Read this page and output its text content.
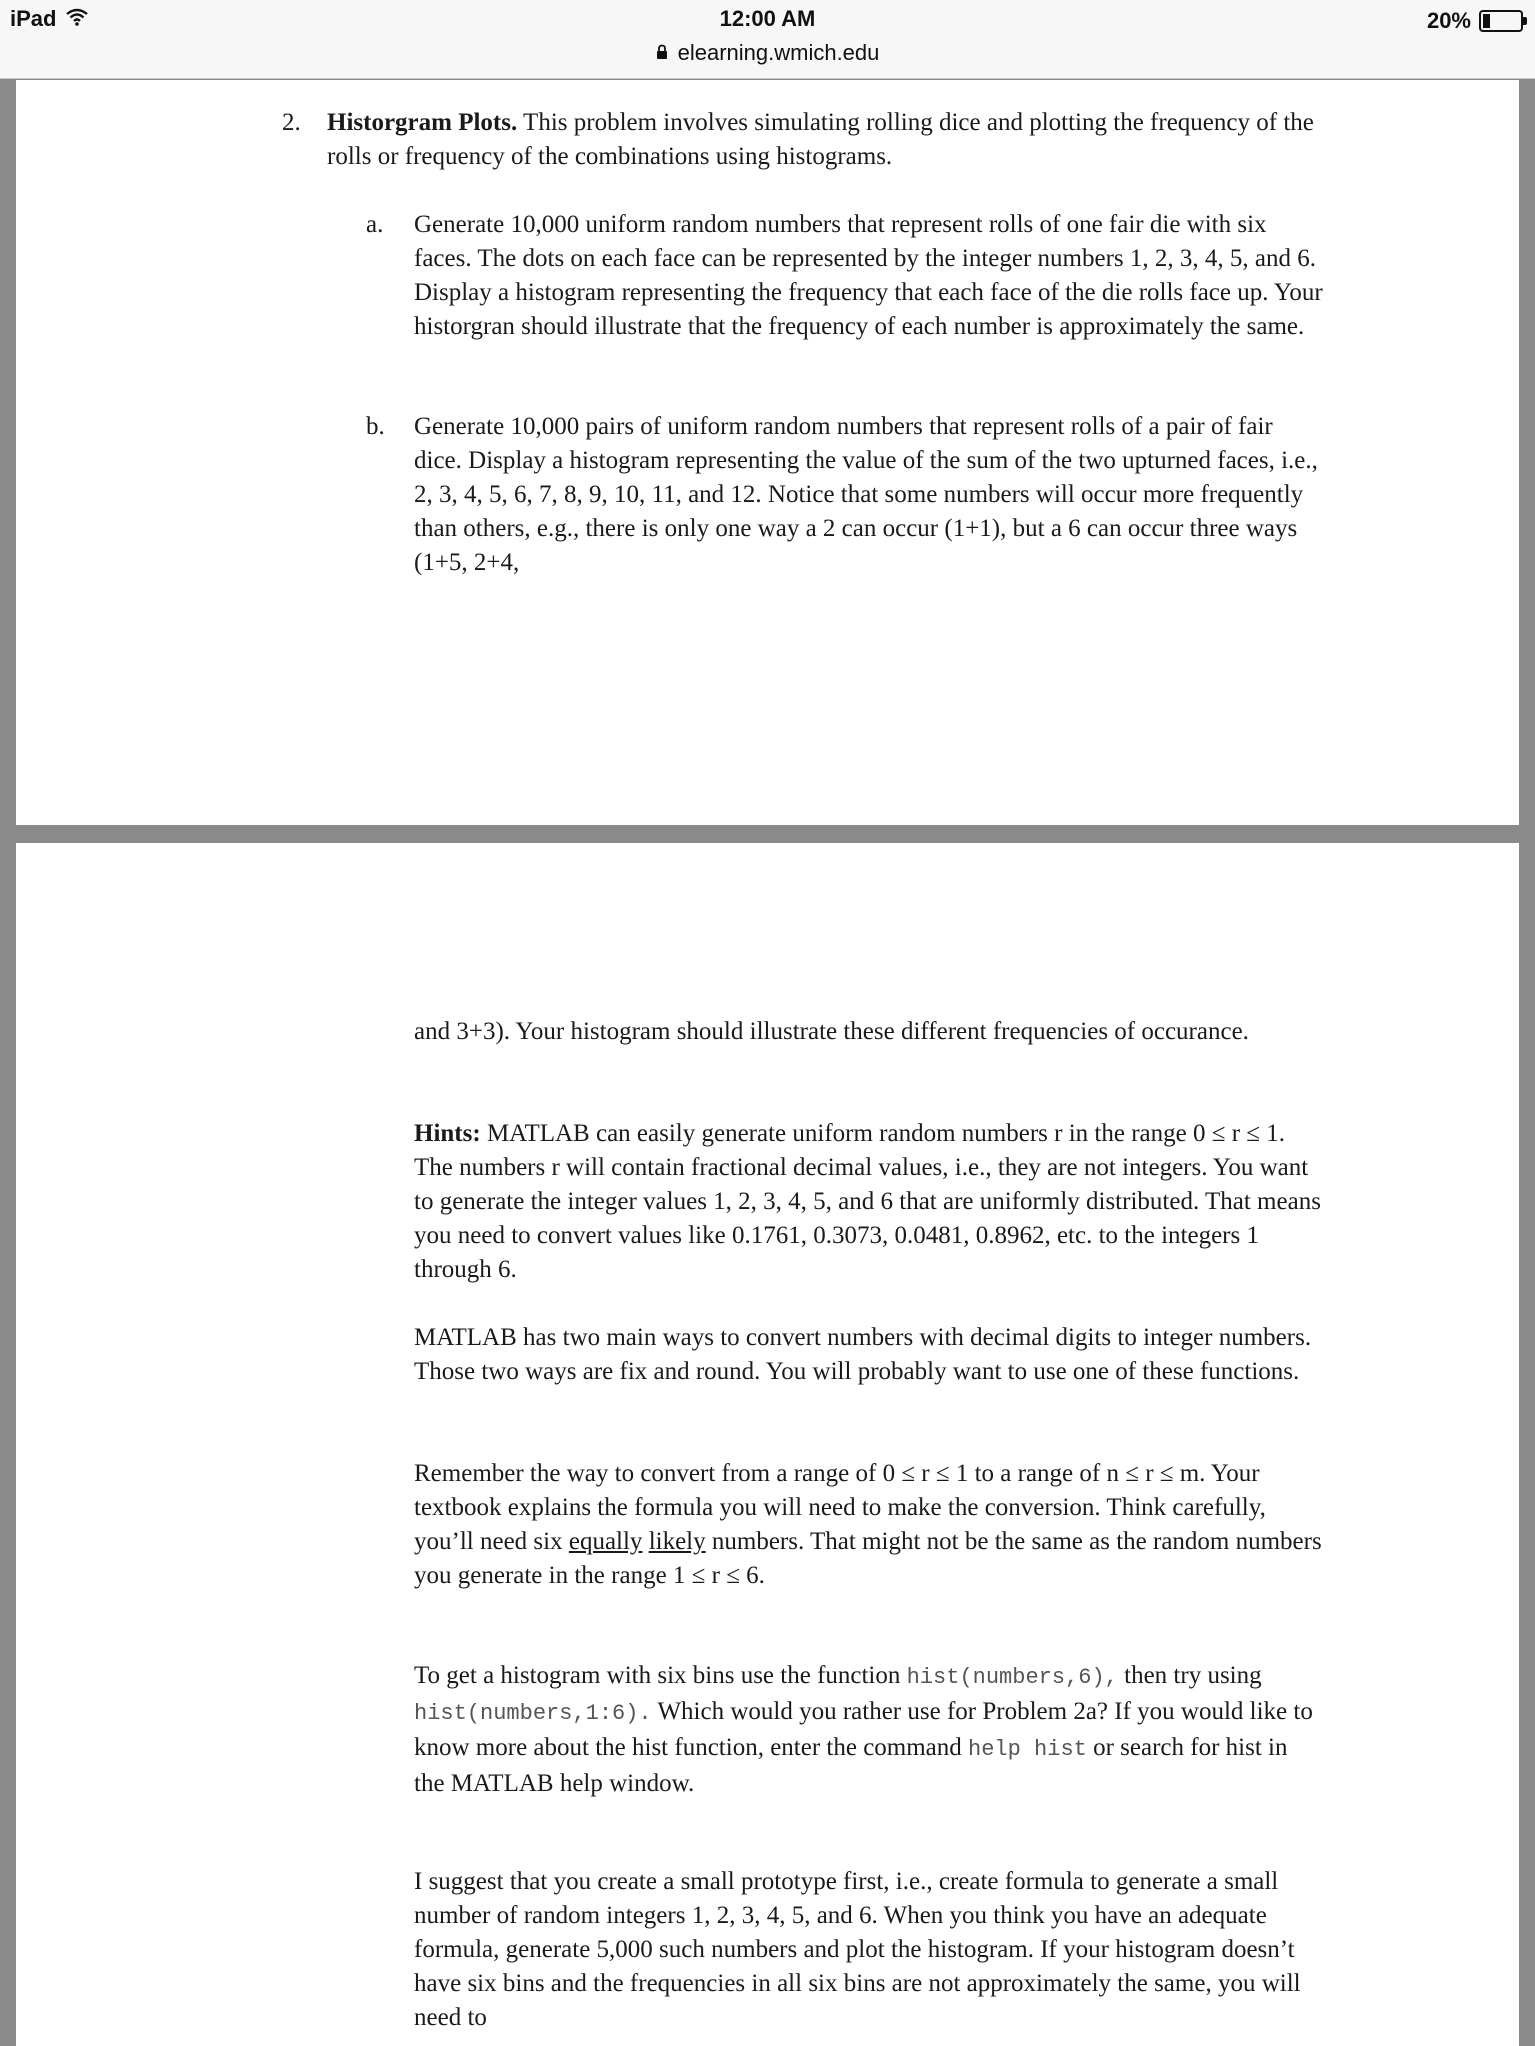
iPad	12:00 AM
elearning.wmich.edu
20%
2. Historgram Plots. This problem involves simulating rolling dice and plotting the frequency of the rolls or frequency of the combinations using histograms.
a. Generate 10,000 uniform random numbers that represent rolls of one fair die with six faces. The dots on each face can be represented by the integer numbers 1, 2, 3, 4, 5, and 6. Display a histogram representing the frequency that each face of the die rolls face up. Your historgran should illustrate that the frequency of each number is approximately the same.
b. Generate 10,000 pairs of uniform random numbers that represent rolls of a pair of fair dice. Display a histogram representing the value of the sum of the two upturned faces, i.e., 2, 3, 4, 5, 6, 7, 8, 9, 10, 11, and 12. Notice that some numbers will occur more frequently than others, e.g., there is only one way a 2 can occur (1+1), but a 6 can occur three ways (1+5, 2+4,
and 3+3). Your histogram should illustrate these different frequencies of occurance.
Hints: MATLAB can easily generate uniform random numbers r in the range 0 ≤ r ≤ 1. The numbers r will contain fractional decimal values, i.e., they are not integers. You want to generate the integer values 1, 2, 3, 4, 5, and 6 that are uniformly distributed. That means you need to convert values like 0.1761, 0.3073, 0.0481, 0.8962, etc. to the integers 1 through 6.
MATLAB has two main ways to convert numbers with decimal digits to integer numbers. Those two ways are fix and round. You will probably want to use one of these functions.
Remember the way to convert from a range of 0 ≤ r ≤ 1 to a range of n ≤ r ≤ m. Your textbook explains the formula you will need to make the conversion. Think carefully, you’ll need six equally likely numbers. That might not be the same as the random numbers you generate in the range 1 ≤ r ≤ 6.
To get a histogram with six bins use the function hist(numbers,6), then try using hist(numbers,1:6). Which would you rather use for Problem 2a? If you would like to know more about the hist function, enter the command help hist or search for hist in the MATLAB help window.
I suggest that you create a small prototype first, i.e., create formula to generate a small number of random integers 1, 2, 3, 4, 5, and 6. When you think you have an adequate formula, generate 5,000 such numbers and plot the histogram. If your histogram doesn’t have six bins and the frequencies in all six bins are not approximately the same, you will need to
